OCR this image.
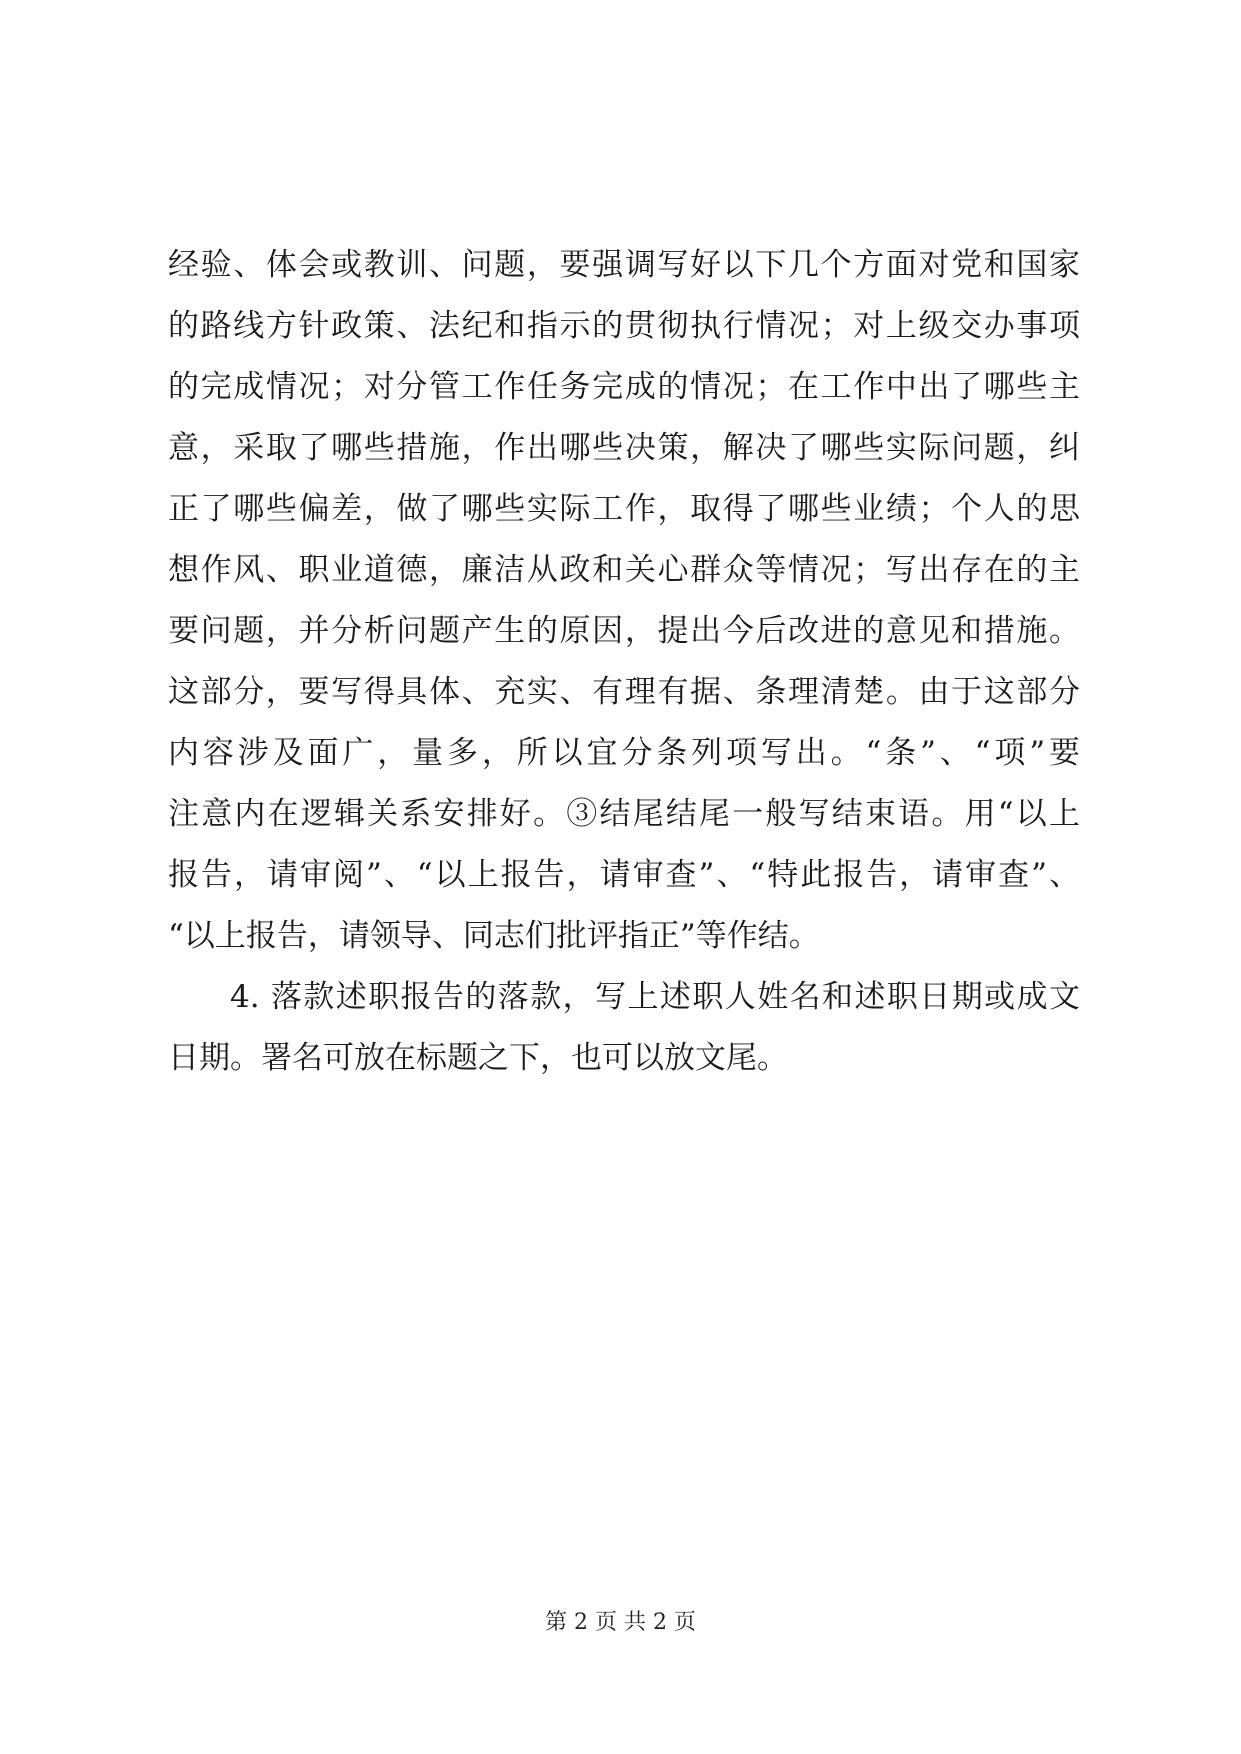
经验、体会或教训、问题，要强调写好以下几个方面对党和国家
的路线方针政策、法纪和指示的贯彻执行情况；对上级交办事项
的完成情况；对分管工作任务完成的情况；在工作中出了哪些主
意，采取了哪些措施，作出哪些决策，解决了哪些实际问题，纠
正了哪些偏差，做了哪些实际工作，取得了哪些业绩；个人的思
想作风、职业道德，廉洁从政和关心群众等情况；写出存在的主
要问题，并分析问题产生的原因，提出今后改进的意见和措施。
这部分，要写得具体、充实、有理有据、条理清楚。由于这部分
内容涉及面广，量多，所以宜分条列项写出。“条”、“项”要
注意内在逻辑关系安排好。③结尾结尾一般写结束语。用“以上
报告，请审阅”、“以上报告，请审查”、“特此报告，请审查”、
“以上报告，请领导、同志们批评指正”等作结。
4. 落款述职报告的落款，写上述职人姓名和述职日期或成文
日期。署名可放在标题之下，也可以放文尾。
第 2 页 共 2 页
